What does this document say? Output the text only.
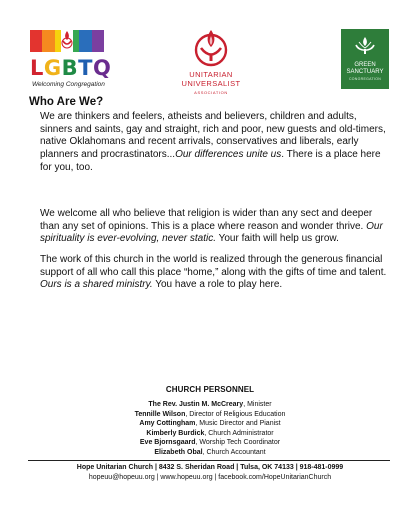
LGBTQ
Welcoming Congregation
UNITARIAN
UNIVERSALIST
ASSOCIATION
GREEN
SANCTUARY
CONGREGATION
Who Are We?

We are thinkers and feelers, atheists and believers, children and adults, sinners and saints, gay and straight, rich and poor, new guests and old-timers, native Oklahomans and recent arrivals, conservatives and liberals, early planners and procrastinators...Our differences unite us. There is a place here for you, too.

We welcome all who believe that religion is wider than any sect and deeper than any set of opinions. This is a place where reason and wonder thrive. Our spirituality is ever-evolving, never static. Your faith will help us grow.

The work of this church in the world is realized through the generous financial support of all who call this place “home,” along with the gifts of time and talent. Ours is a shared ministry. You have a role to play here.

CHURCH PERSONNEL
The Rev. Justin M. McCreary, Minister
Tennille Wilson, Director of Religious Education
Amy Cottingham, Music Director and Pianist
Kimberly Burdick, Church Administrator
Eve Bjornsgaard, Worship Tech Coordinator
Elizabeth Obal, Church Accountant
Hope Unitarian Church | 8432 S. Sheridan Road | Tulsa, OK 74133 | 918-481-0999
hopeuu@hopeuu.org | www.hopeuu.org | facebook.com/HopeUnitarianChurch
